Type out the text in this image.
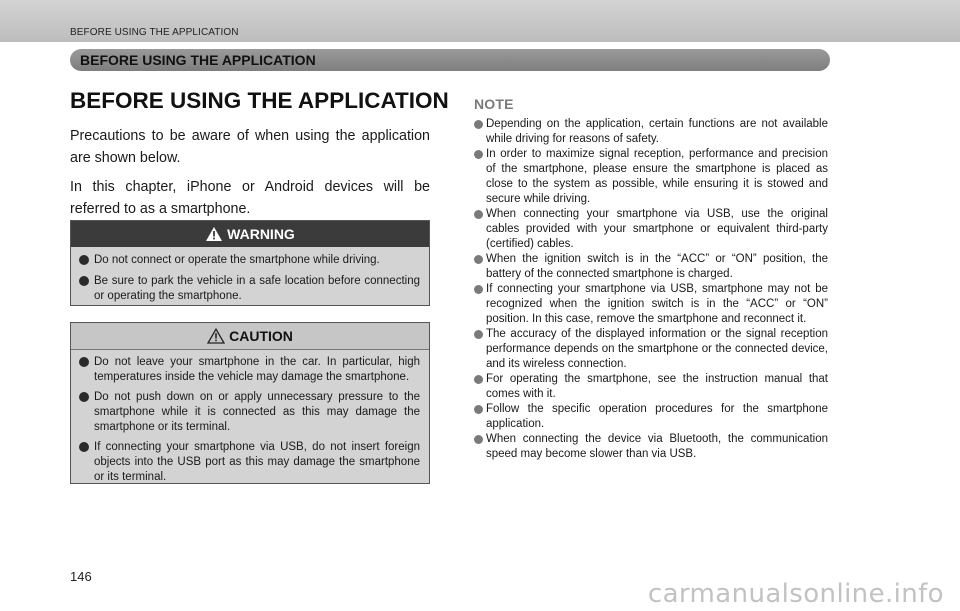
BEFORE USING THE APPLICATION
BEFORE USING THE APPLICATION
BEFORE USING THE APPLICATION

Precautions to be aware of when using the application are shown below.

In this chapter, iPhone or Android devices will be referred to as a smartphone.

WARNING
Do not connect or operate the smartphone while driving.
Be sure to park the vehicle in a safe location before connecting or operating the smartphone.
CAUTION
Do not leave your smartphone in the car. In particular, high temperatures inside the vehicle may damage the smartphone.
Do not push down on or apply unnecessary pressure to the smartphone while it is connected as this may damage the smartphone or its terminal.
If connecting your smartphone via USB, do not insert foreign objects into the USB port as this may damage the smartphone or its terminal.
NOTE
Depending on the application, certain functions are not available while driving for reasons of safety.
In order to maximize signal reception, performance and precision of the smartphone, please ensure the smartphone is placed as close to the system as possible, while ensuring it is stowed and secure while driving.
When connecting your smartphone via USB, use the original cables provided with your smartphone or equivalent third-party (certified) cables.
When the ignition switch is in the “ACC” or “ON” position, the battery of the connected smartphone is charged.
If connecting your smartphone via USB, smartphone may not be recognized when the ignition switch is in the “ACC” or “ON” position. In this case, remove the smartphone and reconnect it.
The accuracy of the displayed information or the signal reception performance depends on the smartphone or the connected device, and its wireless connection.
For operating the smartphone, see the instruction manual that comes with it.
Follow the specific operation procedures for the smartphone application.
When connecting the device via Bluetooth, the communication speed may become slower than via USB.
146
carmanualsonline.info
